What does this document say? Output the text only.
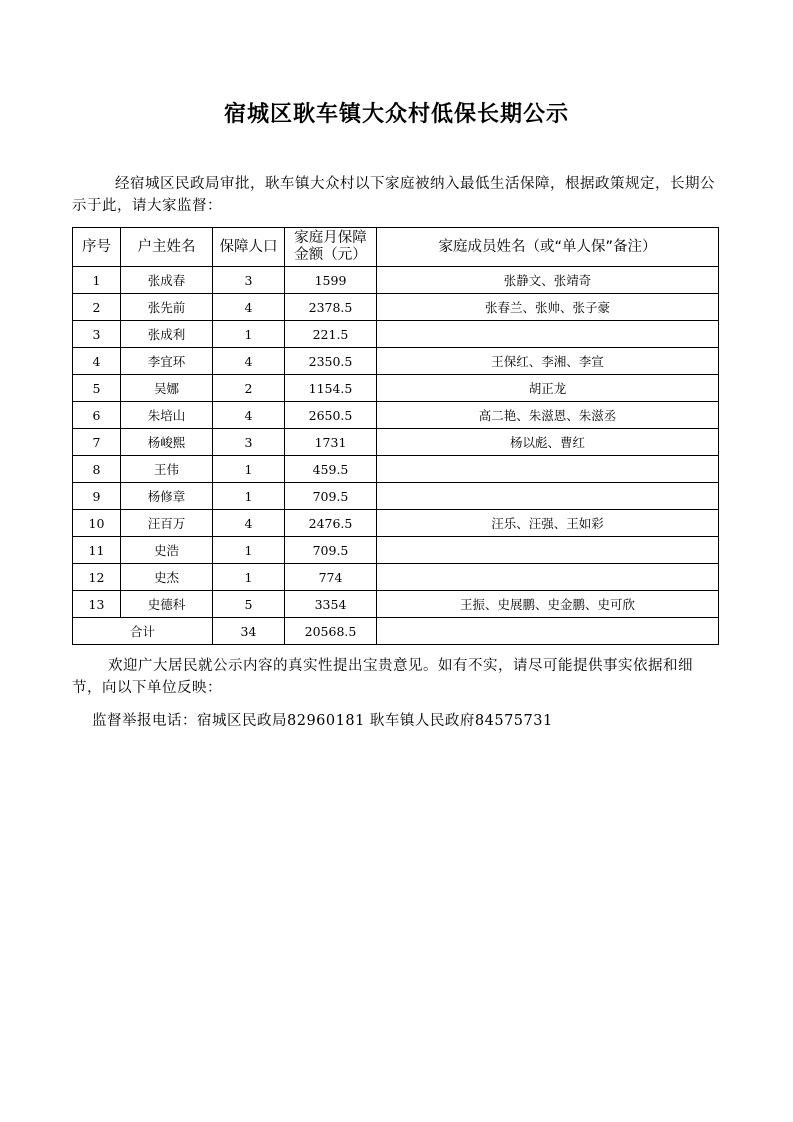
宿城区耿车镇大众村低保长期公示
经宿城区民政局审批，耿车镇大众村以下家庭被纳入最低生活保障，根据政策规定，长期公示于此，请大家监督：
序号	户主姓名	保障人口	家庭月保障
金额（元）	家庭成员姓名（或“单人保”备注）
1	张成春	3	1599	张静文、张靖奇
2	张先前	4	2378.5	张春兰、张帅、张子豪
3	张成利	1	221.5	
4	李宜环	4	2350.5	王保红、李湘、李宣
5	吴娜	2	1154.5	胡正龙
6	朱培山	4	2650.5	高二艳、朱滋恩、朱滋丞
7	杨峻熙	3	1731	杨以彪、曹红
8	王伟	1	459.5	
9	杨修章	1	709.5	
10	汪百万	4	2476.5	汪乐、汪强、王如彩
11	史浩	1	709.5	
12	史杰	1	774	
13	史德科	5	3354	王振、史展鹏、史金鹏、史可欣
合计		34	20568.5	
欢迎广大居民就公示内容的真实性提出宝贵意见。如有不实，请尽可能提供事实依据和细节，向以下单位反映：
监督举报电话：宿城区民政局82960181 耿车镇人民政府84575731
